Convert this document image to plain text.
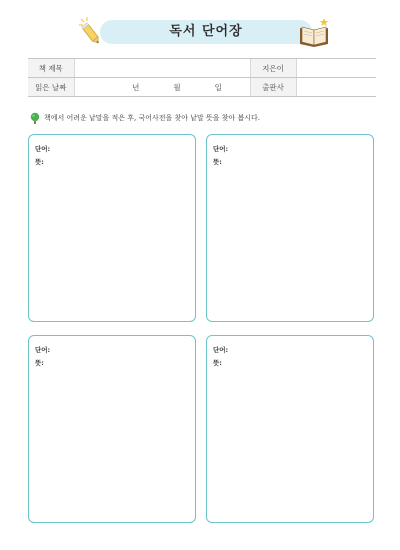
독서 단어장
책 제목		지은이	
읽은 날짜	년 월 일	출판사	
책에서 어려운 낱말을 적은 후, 국어사전을 찾아 낱말 뜻을 찾아 봅시다.
단어:
뜻:
단어:
뜻:
단어:
뜻:
단어:
뜻:
